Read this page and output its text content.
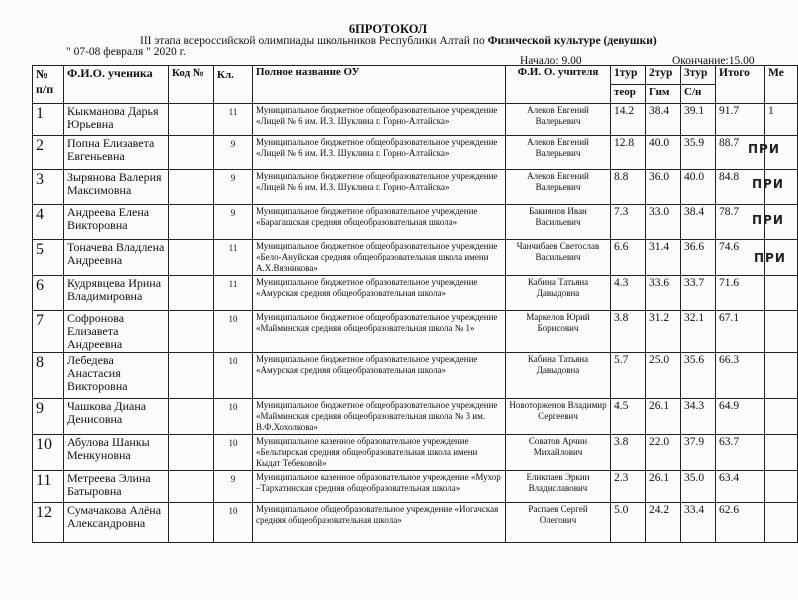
6ПРОТОКОЛ
III этапа всероссийской олимпиады школьников Республики Алтай по Физической культуре (девушки)
" 07-08 февраля " 2020 г.
Начало: 9.00	Окончание:15.00
№ п/п	Ф.И.О. ученика	Код №	Кл.	Полное название ОУ	Ф.И. О. учителя	1тур	2тур	3тур	Итого	Ме
						теор	Гим	С/н		
1	Кыкманова Дарья Юрьевна		11	Муниципальное бюджетное общеобразовательное учреждение «Лицей № 6 им. И.З. Шуклина г. Горно-Алтайска»	Алеков Евгений Валерьевич	14.2	38.4	39.1	91.7	1
2	Попна Елизавета Евгеньевна		9	Муниципальное бюджетное общеобразовательное учреждение «Лицей № 6 им. И.З. Шуклина г. Горно-Алтайска»	Алеков Евгений Валерьевич	12.8	40.0	35.9	88.7	
3	Зырянова Валерия Максимовна		9	Муниципальное бюджетное общеобразовательное учреждение «Лицей № 6 им. И.З. Шуклина г. Горно-Алтайска»	Алеков Евгений Валерьевич	8.8	36.0	40.0	84.8	
4	Андреева Елена Викторовна		9	Муниципальное бюджетное образовательное учреждение «Барагашская средняя общеобразовательная школа»	Бакиянов Иван Васильевич	7.3	33.0	38.4	78.7	
5	Тоначева Владлена Андреевна		11	Муниципальное бюджетное общеобразовательное учреждение «Бело-Ануйская средняя общеобразовательная школа имени А.Х.Вязникова»	Чанчибаев Светослав Васильевич	6.6	31.4	36.6	74.6	
6	Кудрявцева Ирина Владимировна		11	Муниципальное бюджетное образовательное учреждение «Амурская средняя общеобразовательная школа»	Кабина Татьяна Давыдовна	4.3	33.6	33.7	71.6	
7	Софронова Елизавета Андреевна		10	Муниципальное бюджетное общеобразовательное учреждение «Майминская средняя общеобразовательная школа № 1»	Маркелов Юрий Борисович	3.8	31.2	32.1	67.1	
8	Лебедева Анастасия Викторовна		10	Муниципальное бюджетное образовательное учреждение «Амурская средняя общеобразовательная школа»	Кабина Татьяна Давыдовна	5.7	25.0	35.6	66.3	
9	Чашкова Диана Денисовна		10	Муниципальное бюджетное общеобразовательное учреждение «Майминская средняя общеобразовательная школа № 3 им. В.Ф.Хохолкова»	Новоторженов Владимир Сергеевич	4.5	26.1	34.3	64.9	
10	Абулова Шанкы Менкуновна		10	Муниципальное казенное образовательное учреждение «Бельтирская средняя общеобразовательная школа имени Кыдат Тебековой»	Соватов Арчин Михайлович	3.8	22.0	37.9	63.7	
11	Метреева Элина Батыровна		9	Муниципальное казенное образовательное учреждение «Мухор –Тархатинская средняя общеобразовательная школа»	Еликпаев Эркин Владиславович	2.3	26.1	35.0	63.4	
12	Сумачакова Алёна Александровна		10	Муниципальное общеобразовательное учреждение «Иогачская средняя общеобразовательная школа»	Распаев Сергей Олегович	5.0	24.2	33.4	62.6	
ПРИ
ПРИ
ПРИ
ПРИ
